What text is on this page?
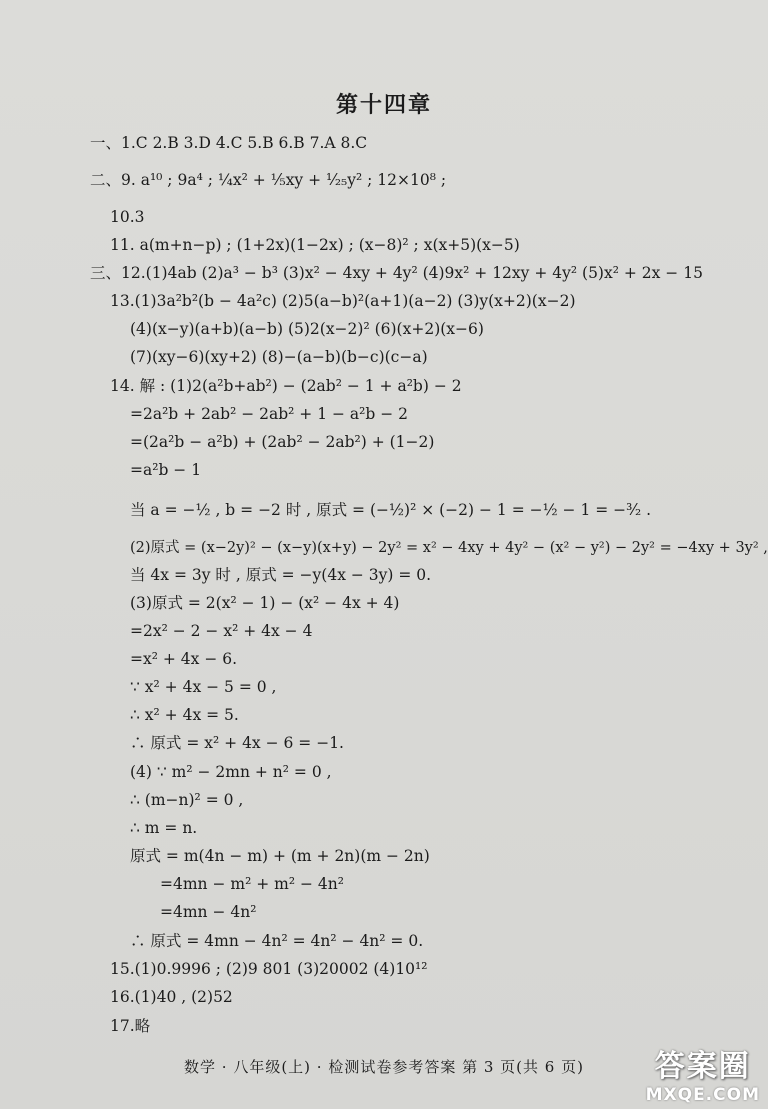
第十四章
一、1.C 2.B 3.D 4.C 5.B 6.B 7.A 8.C
二、9. a¹⁰ ; 9a⁴ ; ¼x² + ⅕xy + ¹⁄₂₅y² ; 12×10⁸ ;
10.3
11. a(m+n−p) ; (1+2x)(1−2x) ; (x−8)² ; x(x+5)(x−5)
三、12.(1)4ab (2)a³ − b³ (3)x² − 4xy + 4y² (4)9x² + 12xy + 4y² (5)x² + 2x − 15
13.(1)3a²b²(b − 4a²c) (2)5(a−b)²(a+1)(a−2) (3)y(x+2)(x−2)
(4)(x−y)(a+b)(a−b) (5)2(x−2)² (6)(x+2)(x−6)
(7)(xy−6)(xy+2) (8)−(a−b)(b−c)(c−a)
14. 解 : (1)2(a²b+ab²) − (2ab² − 1 + a²b) − 2
=2a²b + 2ab² − 2ab² + 1 − a²b − 2
=(2a²b − a²b) + (2ab² − 2ab²) + (1−2)
=a²b − 1
当 a = −½ , b = −2 时 , 原式 = (−½)² × (−2) − 1 = −½ − 1 = −³⁄₂ .
(2)原式 = (x−2y)² − (x−y)(x+y) − 2y² = x² − 4xy + 4y² − (x² − y²) − 2y² = −4xy + 3y² ,
当 4x = 3y 时 , 原式 = −y(4x − 3y) = 0.
(3)原式 = 2(x² − 1) − (x² − 4x + 4)
=2x² − 2 − x² + 4x − 4
=x² + 4x − 6.
∵ x² + 4x − 5 = 0 ,
∴ x² + 4x = 5.
∴ 原式 = x² + 4x − 6 = −1.
(4) ∵ m² − 2mn + n² = 0 ,
∴ (m−n)² = 0 ,
∴ m = n.
原式 = m(4n − m) + (m + 2n)(m − 2n)
=4mn − m² + m² − 4n²
=4mn − 4n²
∴ 原式 = 4mn − 4n² = 4n² − 4n² = 0.
15.(1)0.9996 ; (2)9 801 (3)20002 (4)10¹²
16.(1)40 , (2)52
17.略
数学 · 八年级(上) · 检测试卷参考答案 第 3 页(共 6 页)	答案圈
MXQE.COM
